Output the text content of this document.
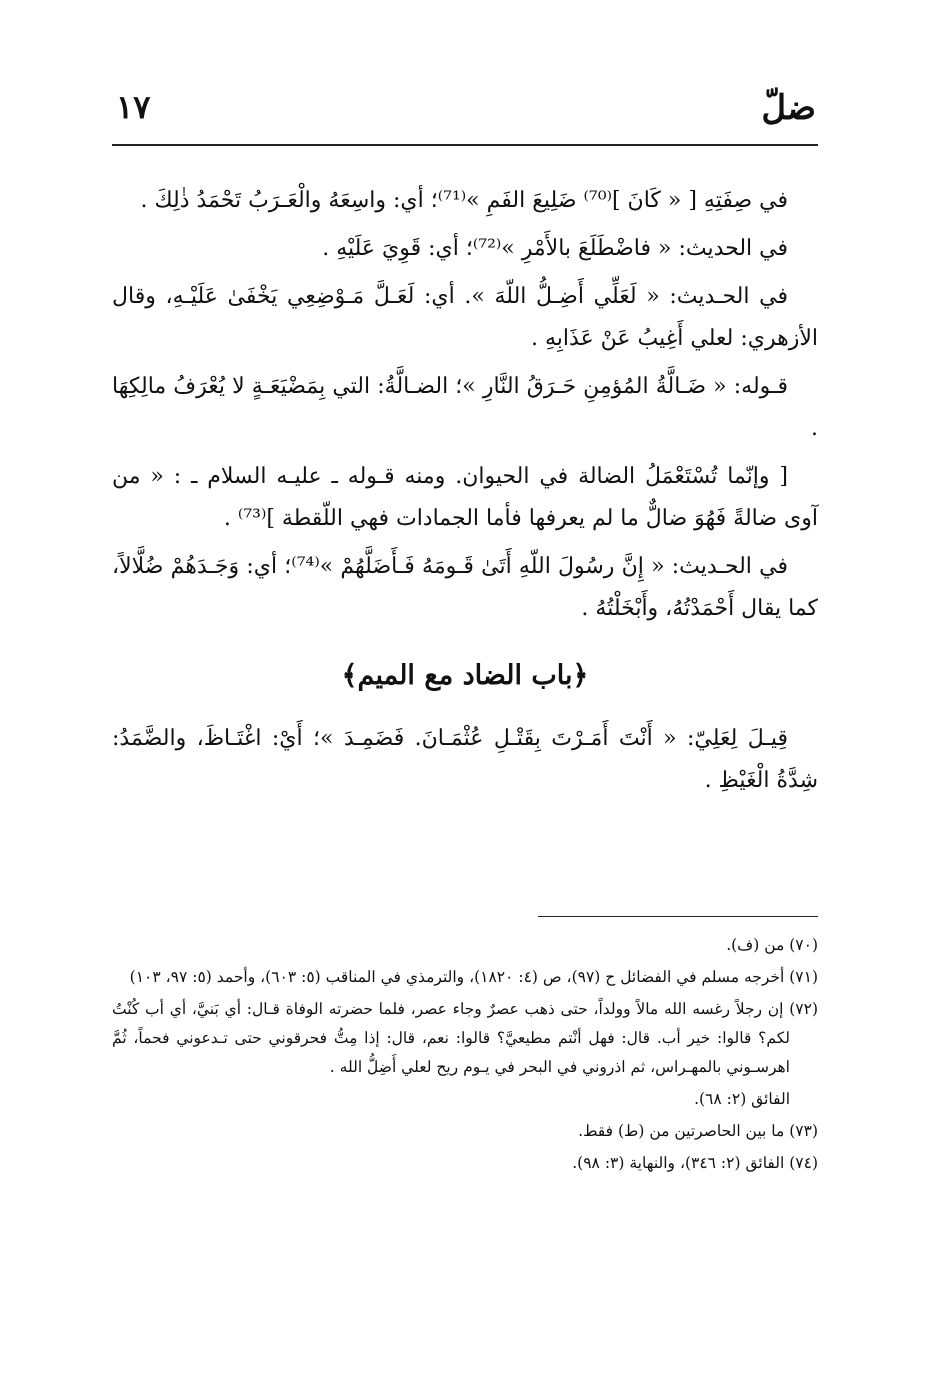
ضلّ
١٧

في صِفَتِهِ [ « كَانَ ]⁽⁷⁰⁾ ضَلِيعَ الفَمِ »⁽⁷¹⁾؛ أي: واسِعَهُ والْعَـرَبُ تَحْمَدُ ذٰلِكَ .

في الحديث: « فاضْطَلَعَ بالأَمْرِ »⁽⁷²⁾؛ أي: قَوِيَ عَلَيْهِ .

في الحـديث: « لَعَلِّي أَضِـلُّ اللّهَ ». أي: لَعَـلَّ مَـوْضِعِي يَخْفَىٰ عَلَيْـهِ، وقال الأزهري: لعلي أَغِيبُ عَنْ عَذَابِهِ .

قـوله: « ضَـالَّةُ المُؤمِنِ حَـرَقُ النَّارِ »؛ الضـالَّةُ: التي بِمَضْيَعَـةٍ لا يُعْرَفُ مالِكِهَا .

[ وإنّما تُسْتَعْمَلُ الضالة في الحيوان. ومنه قـوله ـ عليـه السلام ـ : « من آوى ضالةً فَهُوَ ضالٌّ ما لم يعرفها فأما الجمادات فهي اللّقطة ]⁽⁷³⁾ .

في الحـديث: « إِنَّ رسُولَ اللّهِ أَتَىٰ قَـومَهُ فَـأَضَلَّهُمْ »⁽⁷⁴⁾؛ أي: وَجَـدَهُمْ ضُلَّالاً، كما يقال أَحْمَدْتُهُ، وأَبْخَلْتُهُ .

﴿باب الضاد مع الميم﴾

قِيـلَ لِعَلِيّ: « أَنْتَ أَمَـرْتَ بِقَتْـلِ عُثْمَـانَ. فَضَمِـدَ »؛ أَيْ: اغْتَـاظَ، والضَّمَدُ: شِدَّةُ الْغَيْظِ .

(٧٠) من (ف).

(٧١) أخرجه مسلم في الفضائل ح (٩٧)، ص (٤: ١٨٢٠)، والترمذي في المناقب (٥: ٦٠٣)، وأحمد (٥: ٩٧، ١٠٣)

(٧٢) إن رجلاً رغسه الله مالاً وولداً، حتى ذهب عصرٌ وجاء عصر، فلما حضرته الوفاة قـال: أي بَنيَّ، أي أب كُنْتُ لكم؟ قالوا: خير أب. قال: فهل أنْتم مطيعيَّ؟ قالوا: نعم، قال: إذا مِتُّ فحرقوني حتى تـدعوني فحماً، ثُمَّ اهرسـوني بالمهـراس، ثم اذروني في البحر في يـوم ريح لعلي أَضِلُّ الله .

الفائق (٢: ٦٨).

(٧٣) ما بين الحاصرتين من (ط) فقط.

(٧٤) الفائق (٢: ٣٤٦)، والنهاية (٣: ٩٨).
